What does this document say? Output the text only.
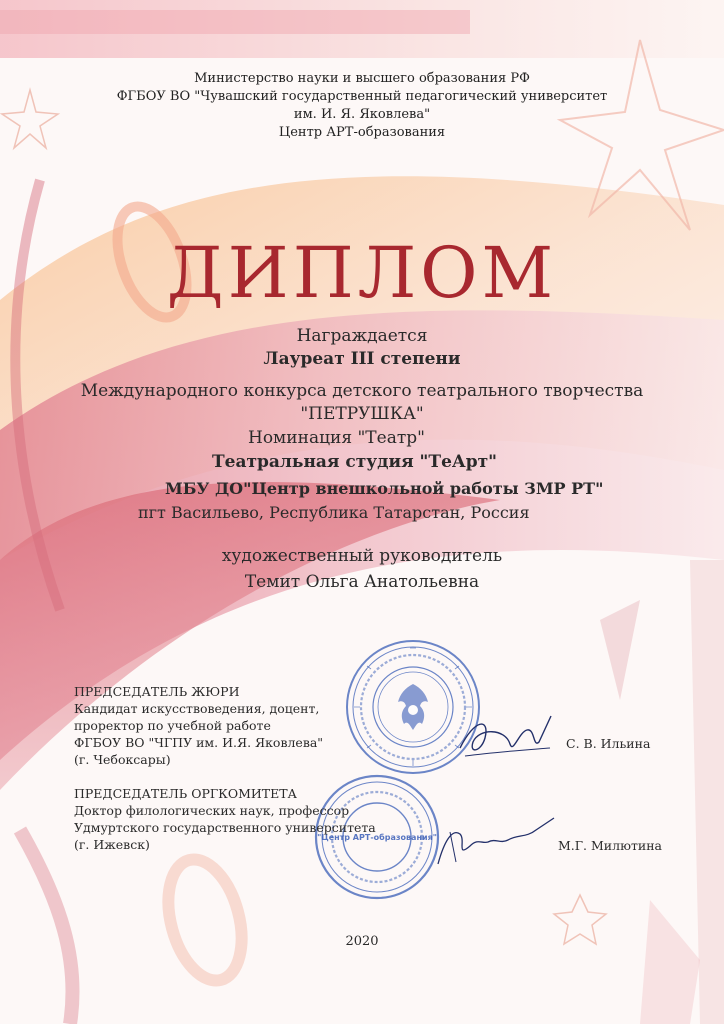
Министерство науки и высшего образования РФ
ФГБОУ ВО "Чувашский государственный педагогический университет
им. И. Я. Яковлева"
Центр АРТ-образования
ДИПЛОМ
Награждается
Лауреат III степени
Международного конкурса детского театрального творчества
"ПЕТРУШКА"
Номинация "Театр"
Театральная студия "ТеАрт"
МБУ ДО"Центр внешкольной работы ЗМР РТ"
пгт Васильево, Республика Татарстан, Россия
художественный руководитель
Темит Ольга Анатольевна
"Центр АРТ-образования"
ПРЕДСЕДАТЕЛЬ ЖЮРИ
Кандидат искусствоведения, доцент,
проректор по учебной работе
ФГБОУ ВО "ЧГПУ им. И.Я. Яковлева"
(г. Чебоксары)
С. В. Ильина
ПРЕДСЕДАТЕЛЬ ОРГКОМИТЕТА
Доктор филологических наук, профессор
Удмуртского государственного университета
(г. Ижевск)	М.Г. Милютина
2020
